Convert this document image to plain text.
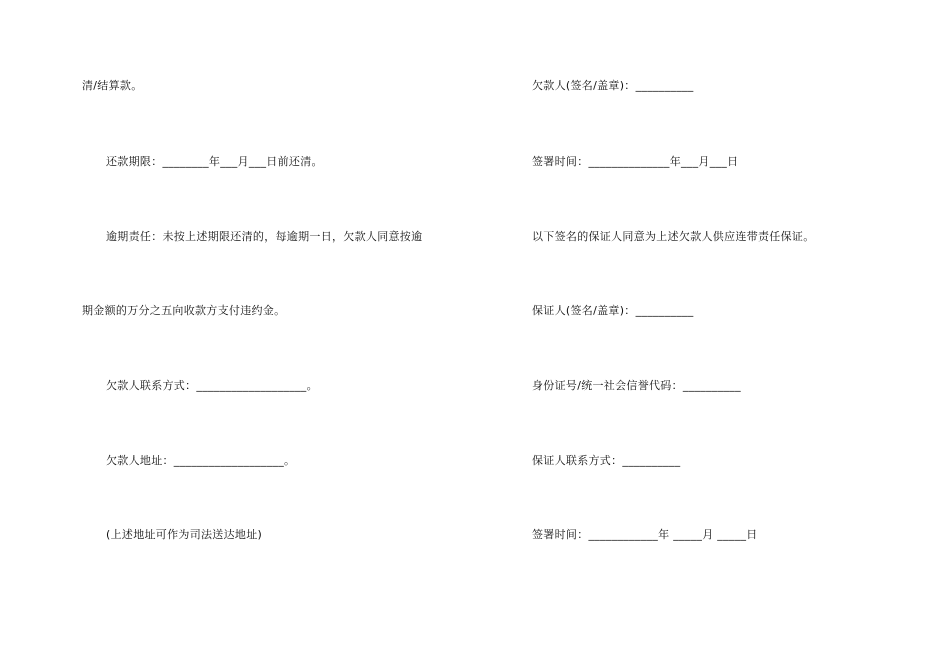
清/结算款。
还款期限：________年___月___日前还清。
逾期责任：未按上述期限还清的，每逾期一日，欠款人同意按逾
期金额的万分之五向收款方支付违约金。
欠款人联系方式：___________________。
欠款人地址：___________________。
(上述地址可作为司法送达地址)
欠款人(签名/盖章)：__________
签署时间：______________年___月___日
以下签名的保证人同意为上述欠款人供应连带责任保证。
保证人(签名/盖章)：__________
身份证号/统一社会信誉代码：__________
保证人联系方式：__________
签署时间：____________年 _____月 _____日
